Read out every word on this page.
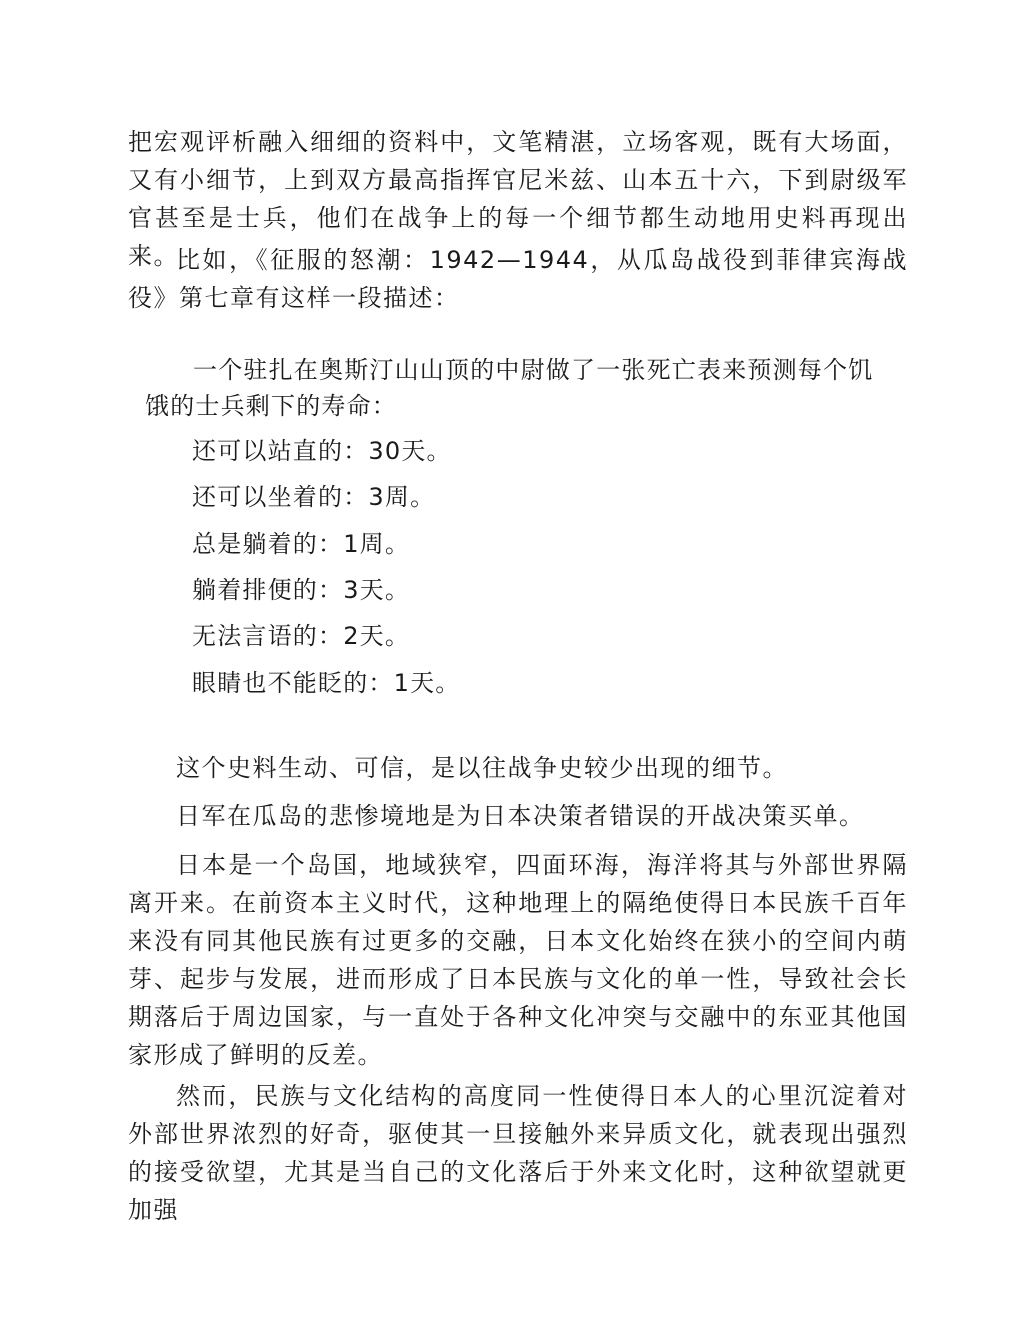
把宏观评析融入细细的资料中，文笔精湛，立场客观，既有大场面，又有小细节，上到双方最高指挥官尼米兹、山本五十六，下到尉级军官甚至是士兵，他们在战争上的每一个细节都生动地用史料再现出来。

比如，《征服的怒潮：1942—1944，从瓜岛战役到菲律宾海战役》第七章有这样一段描述：

一个驻扎在奥斯汀山山顶的中尉做了一张死亡表来预测每个饥饿的士兵剩下的寿命：

还可以站直的：30天。

还可以坐着的：3周。

总是躺着的：1周。

躺着排便的：3天。

无法言语的：2天。

眼睛也不能眨的：1天。

这个史料生动、可信，是以往战争史较少出现的细节。

日军在瓜岛的悲惨境地是为日本决策者错误的开战决策买单。

日本是一个岛国，地域狭窄，四面环海，海洋将其与外部世界隔离开来。在前资本主义时代，这种地理上的隔绝使得日本民族千百年来没有同其他民族有过更多的交融，日本文化始终在狭小的空间内萌芽、起步与发展，进而形成了日本民族与文化的单一性，导致社会长期落后于周边国家，与一直处于各种文化冲突与交融中的东亚其他国家形成了鲜明的反差。

然而，民族与文化结构的高度同一性使得日本人的心里沉淀着对外部世界浓烈的好奇，驱使其一旦接触外来异质文化，就表现出强烈的接受欲望，尤其是当自己的文化落后于外来文化时，这种欲望就更加强
